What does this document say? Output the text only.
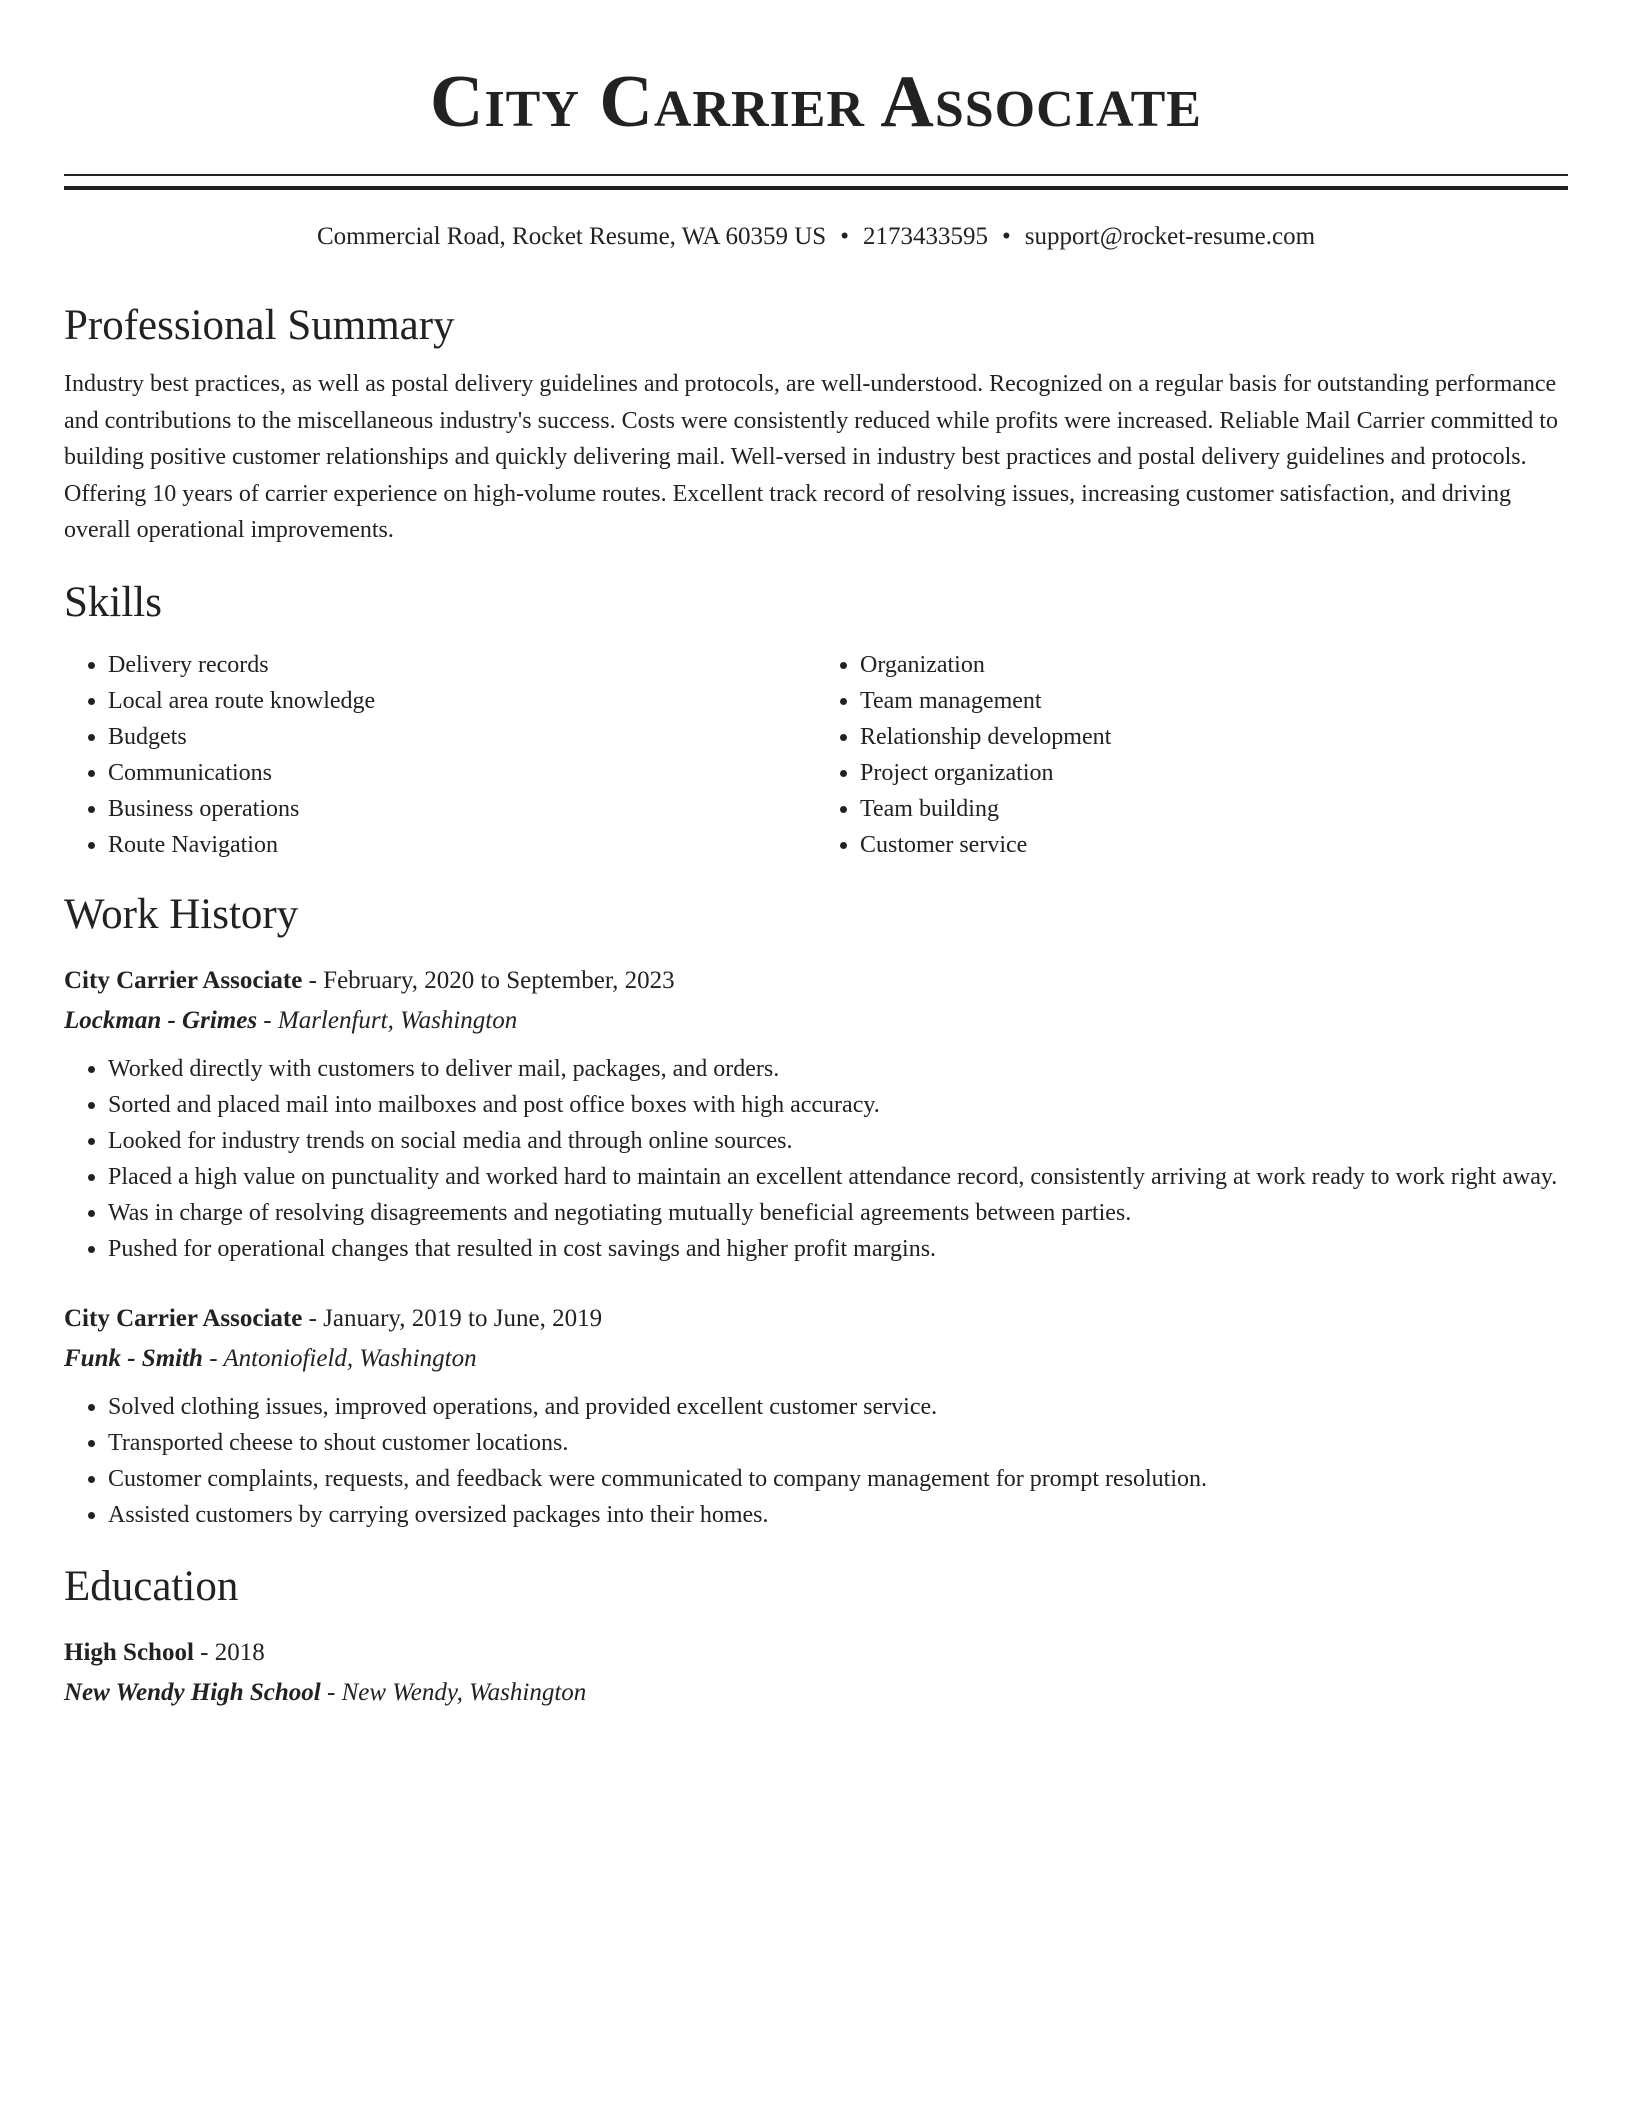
City Carrier Associate
Commercial Road, Rocket Resume, WA 60359 US • 2173433595 • support@rocket-resume.com
Professional Summary

Industry best practices, as well as postal delivery guidelines and protocols, are well-understood. Recognized on a regular basis for outstanding performance and contributions to the miscellaneous industry's success. Costs were consistently reduced while profits were increased. Reliable Mail Carrier committed to building positive customer relationships and quickly delivering mail. Well-versed in industry best practices and postal delivery guidelines and protocols. Offering 10 years of carrier experience on high-volume routes. Excellent track record of resolving issues, increasing customer satisfaction, and driving overall operational improvements.

Skills
• Delivery records
• Local area route knowledge
• Budgets
• Communications
• Business operations
• Route Navigation
• Organization
• Team management
• Relationship development
• Project organization
• Team building
• Customer service
Work History
City Carrier Associate - February, 2020 to September, 2023
Lockman - Grimes - Marlenfurt, Washington
• Worked directly with customers to deliver mail, packages, and orders.
• Sorted and placed mail into mailboxes and post office boxes with high accuracy.
• Looked for industry trends on social media and through online sources.
• Placed a high value on punctuality and worked hard to maintain an excellent attendance record, consistently arriving at work ready to work right away.
• Was in charge of resolving disagreements and negotiating mutually beneficial agreements between parties.
• Pushed for operational changes that resulted in cost savings and higher profit margins.
City Carrier Associate - January, 2019 to June, 2019
Funk - Smith - Antoniofield, Washington
• Solved clothing issues, improved operations, and provided excellent customer service.
• Transported cheese to shout customer locations.
• Customer complaints, requests, and feedback were communicated to company management for prompt resolution.
• Assisted customers by carrying oversized packages into their homes.
Education
High School - 2018
New Wendy High School - New Wendy, Washington
